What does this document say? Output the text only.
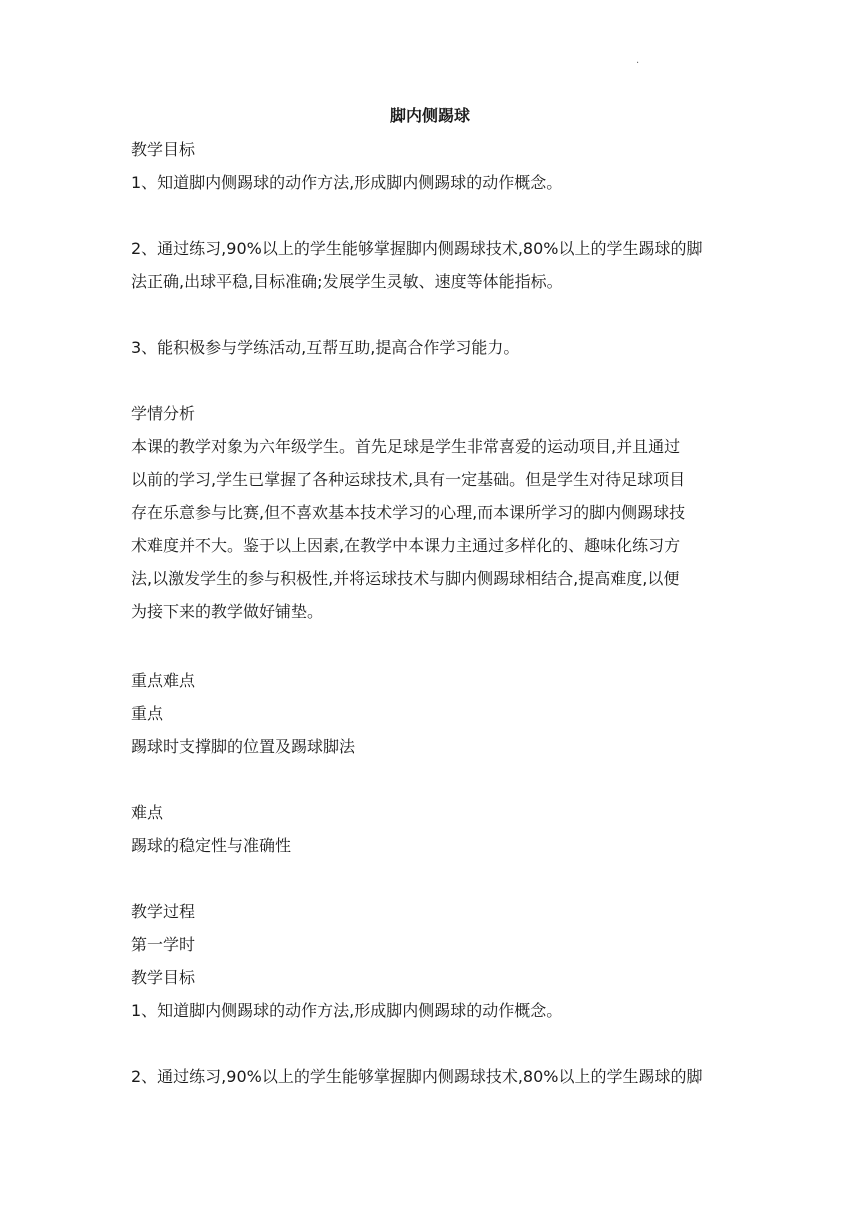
.
脚内侧踢球
教学目标
1、知道脚内侧踢球的动作方法,形成脚内侧踢球的动作概念。
2、通过练习,90%以上的学生能够掌握脚内侧踢球技术,80%以上的学生踢球的脚
法正确,出球平稳,目标准确;发展学生灵敏、速度等体能指标。
3、能积极参与学练活动,互帮互助,提高合作学习能力。
学情分析
本课的教学对象为六年级学生。首先足球是学生非常喜爱的运动项目,并且通过
以前的学习,学生已掌握了各种运球技术,具有一定基础。但是学生对待足球项目
存在乐意参与比赛,但不喜欢基本技术学习的心理,而本课所学习的脚内侧踢球技
术难度并不大。鉴于以上因素,在教学中本课力主通过多样化的、趣味化练习方
法,以激发学生的参与积极性,并将运球技术与脚内侧踢球相结合,提高难度,以便
为接下来的教学做好铺垫。
重点难点
重点
踢球时支撑脚的位置及踢球脚法
难点
踢球的稳定性与准确性
教学过程
第一学时
教学目标
1、知道脚内侧踢球的动作方法,形成脚内侧踢球的动作概念。
2、通过练习,90%以上的学生能够掌握脚内侧踢球技术,80%以上的学生踢球的脚
